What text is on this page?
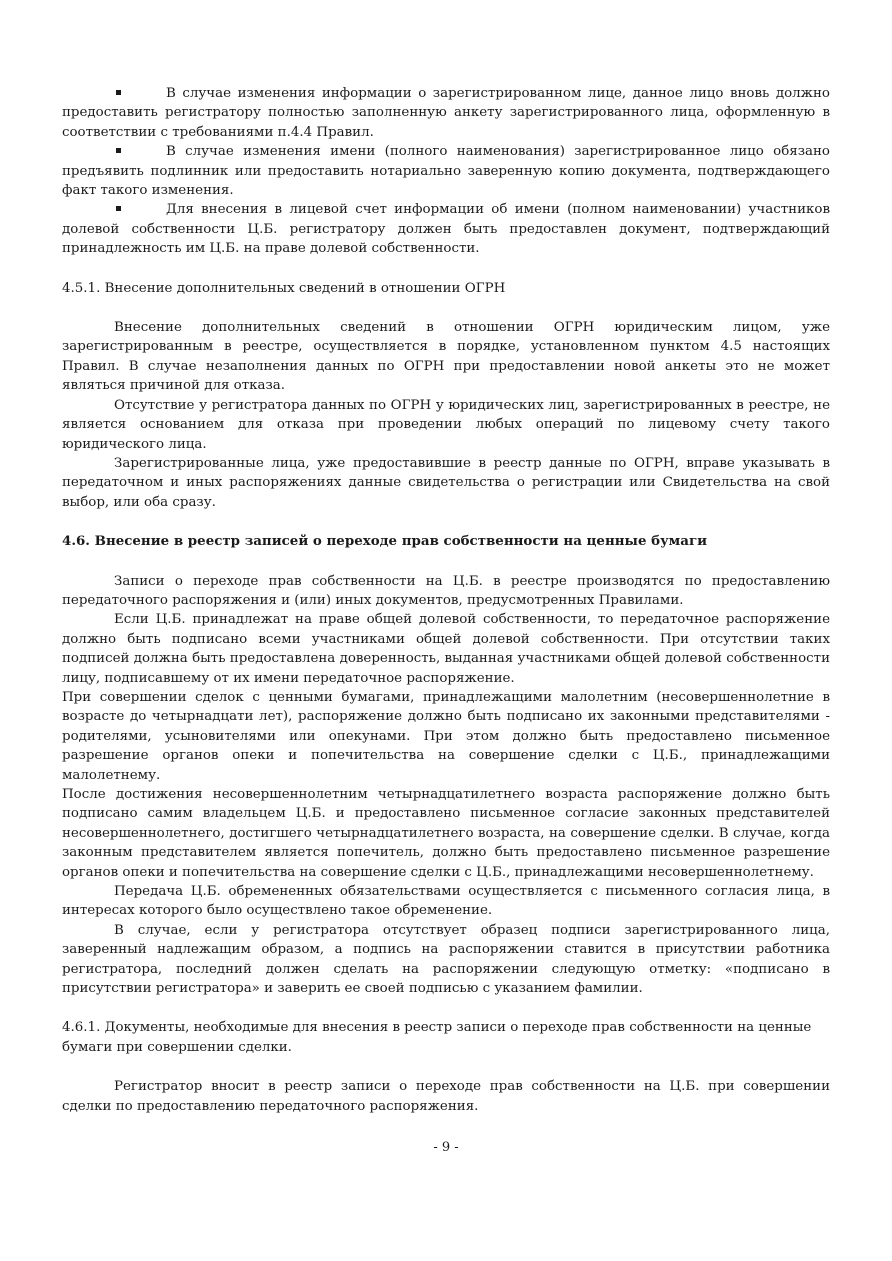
В случае изменения информации о зарегистрированном лице, данное лицо вновь должно предоставить регистратору полностью заполненную анкету зарегистрированного лица, оформленную в соответствии с требованиями п.4.4 Правил.

В случае изменения имени (полного наименования) зарегистрированное лицо обязано предъявить подлинник или предоставить нотариально заверенную копию документа, подтверждающего факт такого изменения.

Для внесения в лицевой счет информации об имени (полном наименовании) участников долевой собственности Ц.Б. регистратору должен быть предоставлен документ, подтверждающий принадлежность им Ц.Б. на праве долевой собственности.

4.5.1. Внесение дополнительных сведений в отношении ОГРН

Внесение дополнительных сведений в отношении ОГРН юридическим лицом, уже зарегистрированным в реестре, осуществляется в порядке, установленном пунктом 4.5 настоящих Правил. В случае незаполнения данных по ОГРН при предоставлении новой анкеты это не может являться причиной для отказа.

Отсутствие у регистратора данных по ОГРН у юридических лиц, зарегистрированных в реестре, не является основанием для отказа при проведении любых операций по лицевому счету такого юридического лица.

Зарегистрированные лица, уже предоставившие в реестр данные по ОГРН, вправе указывать в передаточном и иных распоряжениях данные свидетельства о регистрации или Свидетельства на свой выбор, или оба сразу.

4.6. Внесение в реестр записей о переходе прав собственности на ценные бумаги

Записи о переходе прав собственности на Ц.Б. в реестре производятся по предоставлению передаточного распоряжения и (или) иных документов, предусмотренных Правилами.

Если Ц.Б. принадлежат на праве общей долевой собственности, то передаточное распоряжение должно быть подписано всеми участниками общей долевой собственности. При отсутствии таких подписей должна быть предоставлена доверенность, выданная участниками общей долевой собственности лицу, подписавшему от их имени передаточное распоряжение.

При совершении сделок с ценными бумагами, принадлежащими малолетним (несовершеннолетние в возрасте до четырнадцати лет), распоряжение должно быть подписано их законными представителями - родителями, усыновителями или опекунами. При этом должно быть предоставлено письменное разрешение органов опеки и попечительства на совершение сделки с Ц.Б., принадлежащими малолетнему.

После достижения несовершеннолетним четырнадцатилетнего возраста распоряжение должно быть подписано самим владельцем Ц.Б. и предоставлено письменное согласие законных представителей несовершеннолетнего, достигшего четырнадцатилетнего возраста, на совершение сделки. В случае, когда законным представителем является попечитель, должно быть предоставлено письменное разрешение органов опеки и попечительства на совершение сделки с Ц.Б., принадлежащими несовершеннолетнему.

Передача Ц.Б. обремененных обязательствами осуществляется с письменного согласия лица, в интересах которого было осуществлено такое обременение.

В случае, если у регистратора отсутствует образец подписи зарегистрированного лица, заверенный надлежащим образом, а подпись на распоряжении ставится в присутствии работника регистратора, последний должен сделать на распоряжении следующую отметку: «подписано в присутствии регистратора» и заверить ее своей подписью с указанием фамилии.

4.6.1. Документы, необходимые для внесения в реестр записи о переходе прав собственности на ценные бумаги при совершении сделки.

Регистратор вносит в реестр записи о переходе прав собственности на Ц.Б. при совершении сделки по предоставлению передаточного распоряжения.

- 9 -
